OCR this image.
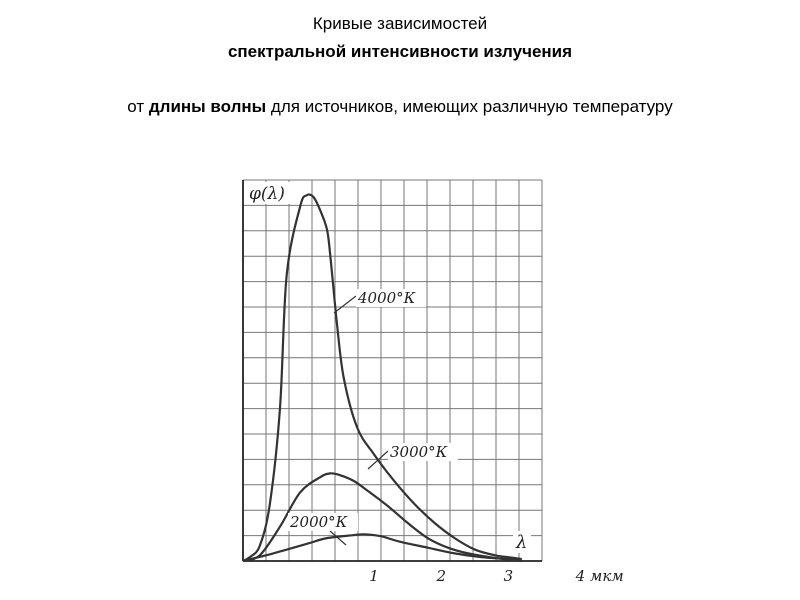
Кривые зависимостей
спектральной интенсивности излучения
от длины волны для источников, имеющих различную температуру
1	2	3	4 мкм
4000°К
3000°К
2000°К
φ(λ)
λ
